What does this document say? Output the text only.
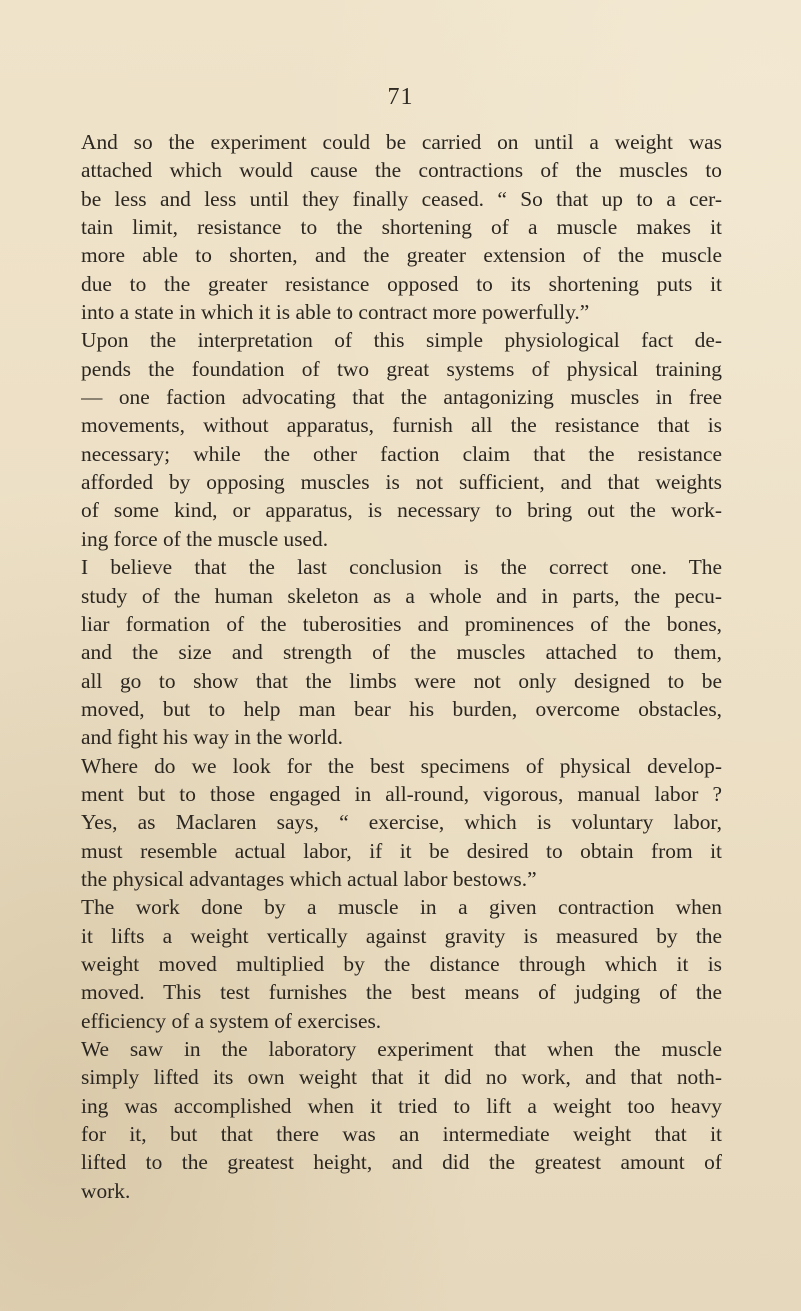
71
And so the experiment could be carried on until a weight was
attached which would cause the contractions of the muscles to
be less and less until they finally ceased. “ So that up to a cer-
tain limit, resistance to the shortening of a muscle makes it
more able to shorten, and the greater extension of the muscle
due to the greater resistance opposed to its shortening puts it
into a state in which it is able to contract more powerfully.”
Upon the interpretation of this simple physiological fact de-
pends the foundation of two great systems of physical training
— one faction advocating that the antagonizing muscles in free
movements, without apparatus, furnish all the resistance that is
necessary; while the other faction claim that the resistance
afforded by opposing muscles is not sufficient, and that weights
of some kind, or apparatus, is necessary to bring out the work-
ing force of the muscle used.
I believe that the last conclusion is the correct one. The
study of the human skeleton as a whole and in parts, the pecu-
liar formation of the tuberosities and prominences of the bones,
and the size and strength of the muscles attached to them,
all go to show that the limbs were not only designed to be
moved, but to help man bear his burden, overcome obstacles,
and fight his way in the world.
Where do we look for the best specimens of physical develop-
ment but to those engaged in all-round, vigorous, manual labor ?
Yes, as Maclaren says, “ exercise, which is voluntary labor,
must resemble actual labor, if it be desired to obtain from it
the physical advantages which actual labor bestows.”
The work done by a muscle in a given contraction when
it lifts a weight vertically against gravity is measured by the
weight moved multiplied by the distance through which it is
moved. This test furnishes the best means of judging of the
efficiency of a system of exercises.
We saw in the laboratory experiment that when the muscle
simply lifted its own weight that it did no work, and that noth-
ing was accomplished when it tried to lift a weight too heavy
for it, but that there was an intermediate weight that it
lifted to the greatest height, and did the greatest amount of
work.
